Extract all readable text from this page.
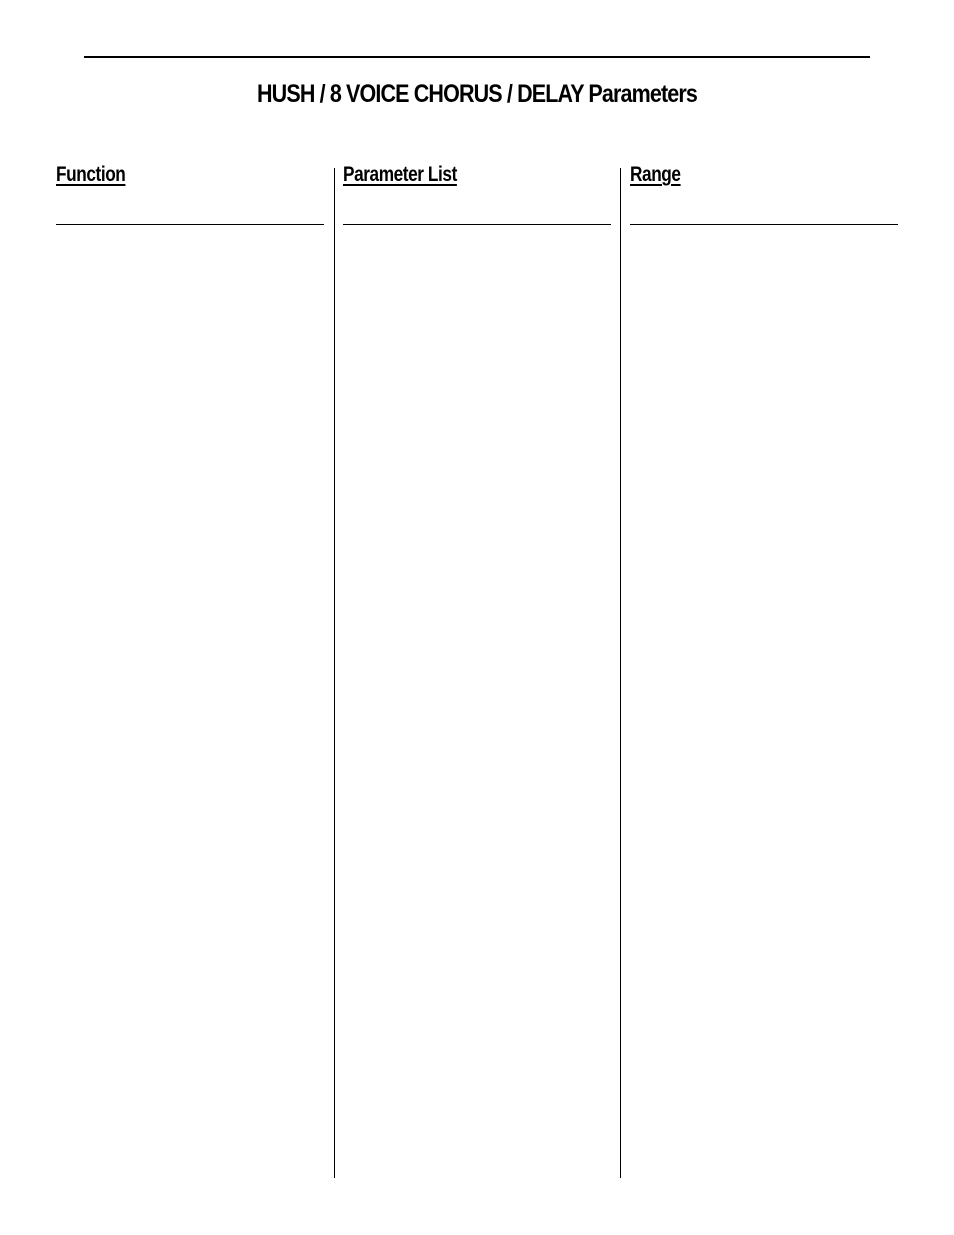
HUSH / 8 VOICE CHORUS / DELAY Parameters
Function	Parameter List	Range
